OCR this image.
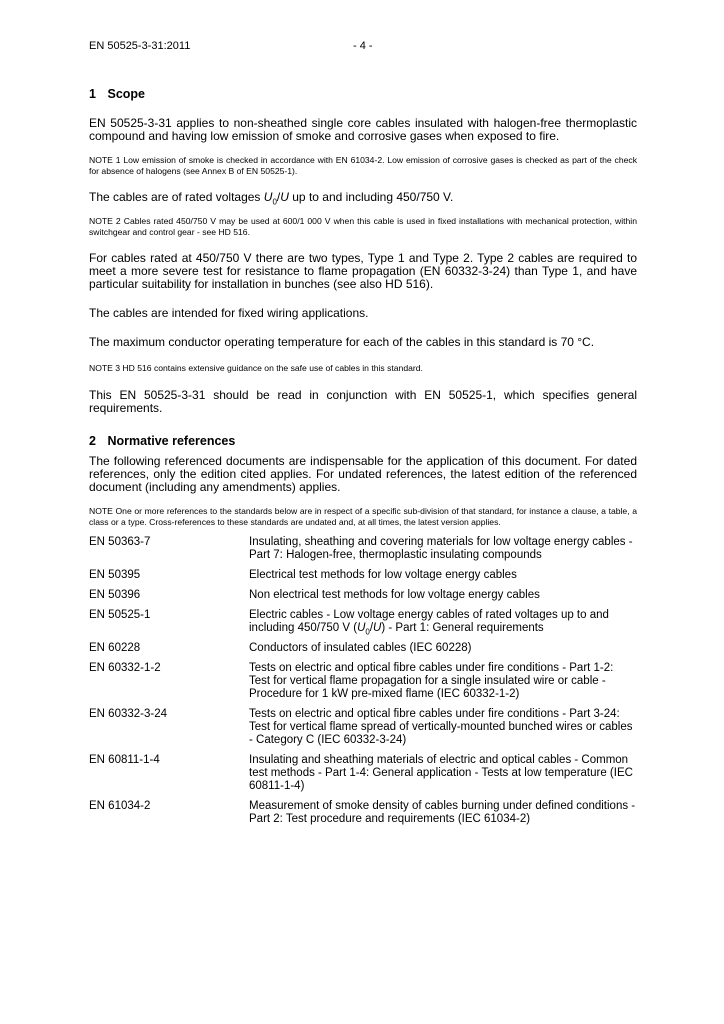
EN 50525-3-31:2011	- 4 -
1 Scope

EN 50525-3-31 applies to non-sheathed single core cables insulated with halogen-free thermoplastic compound and having low emission of smoke and corrosive gases when exposed to fire.

NOTE 1 Low emission of smoke is checked in accordance with EN 61034-2. Low emission of corrosive gases is checked as part of the check for absence of halogens (see Annex B of EN 50525-1).

The cables are of rated voltages $U_0/U$ up to and including 450/750 V.

NOTE 2 Cables rated 450/750 V may be used at 600/1 000 V when this cable is used in fixed installations with mechanical protection, within switchgear and control gear - see HD 516.

For cables rated at 450/750 V there are two types, Type 1 and Type 2. Type 2 cables are required to meet a more severe test for resistance to flame propagation (EN 60332-3-24) than Type 1, and have particular suitability for installation in bunches (see also HD 516).

The cables are intended for fixed wiring applications.

The maximum conductor operating temperature for each of the cables in this standard is 70 °C.

NOTE 3 HD 516 contains extensive guidance on the safe use of cables in this standard.

This EN 50525-3-31 should be read in conjunction with EN 50525-1, which specifies general requirements.

2 Normative references

The following referenced documents are indispensable for the application of this document. For dated references, only the edition cited applies. For undated references, the latest edition of the referenced document (including any amendments) applies.

NOTE One or more references to the standards below are in respect of a specific sub-division of that standard, for instance a clause, a table, a class or a type. Cross-references to these standards are undated and, at all times, the latest version applies.

EN 50363-7	Insulating, sheathing and covering materials for low voltage energy cables - Part 7: Halogen-free, thermoplastic insulating compounds
EN 50395	Electrical test methods for low voltage energy cables
EN 50396	Non electrical test methods for low voltage energy cables
EN 50525-1	Electric cables - Low voltage energy cables of rated voltages up to and including 450/750 V $(U_0/U)$ - Part 1: General requirements
EN 60228	Conductors of insulated cables (IEC 60228)
EN 60332-1-2	Tests on electric and optical fibre cables under fire conditions - Part 1-2: Test for vertical flame propagation for a single insulated wire or cable - Procedure for 1 kW pre-mixed flame (IEC 60332-1-2)
EN 60332-3-24	Tests on electric and optical fibre cables under fire conditions - Part 3-24: Test for vertical flame spread of vertically-mounted bunched wires or cables - Category C (IEC 60332-3-24)
EN 60811-1-4	Insulating and sheathing materials of electric and optical cables - Common test methods - Part 1-4: General application - Tests at low temperature (IEC 60811-1-4)
EN 61034-2	Measurement of smoke density of cables burning under defined conditions - Part 2: Test procedure and requirements (IEC 61034-2)
